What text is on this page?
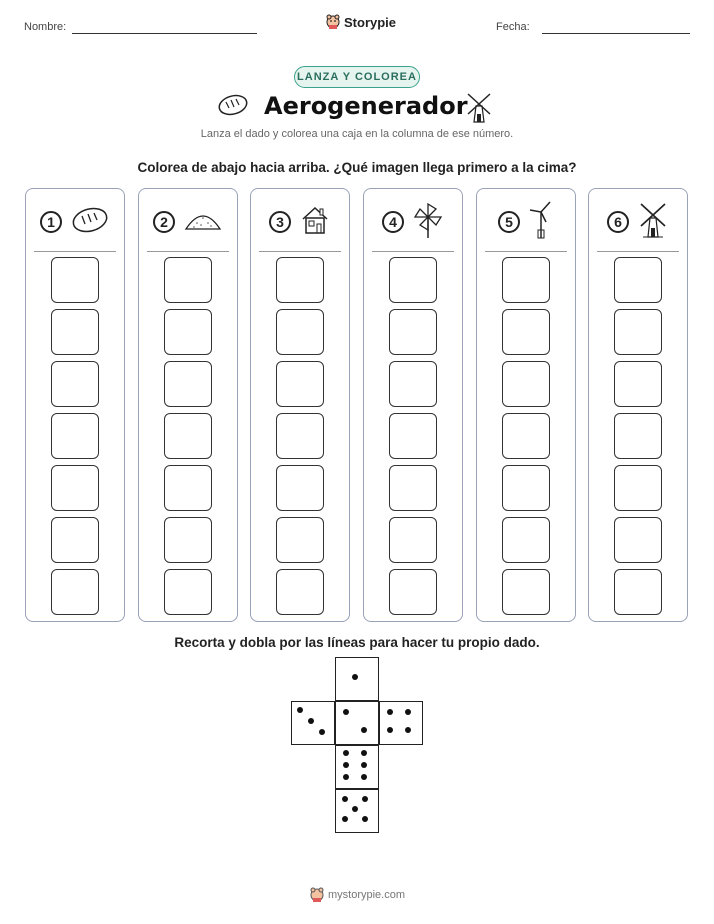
Nombre:	Storypie	Fecha:
LANZA Y COLOREA
Aerogenerador
Lanza el dado y colorea una caja en la columna de ese número.
Colorea de abajo hacia arriba. ¿Qué imagen llega primero a la cima?
1	2	3	4	5	6
Recorta y dobla por las líneas para hacer tu propio dado.
mystorypie.com
